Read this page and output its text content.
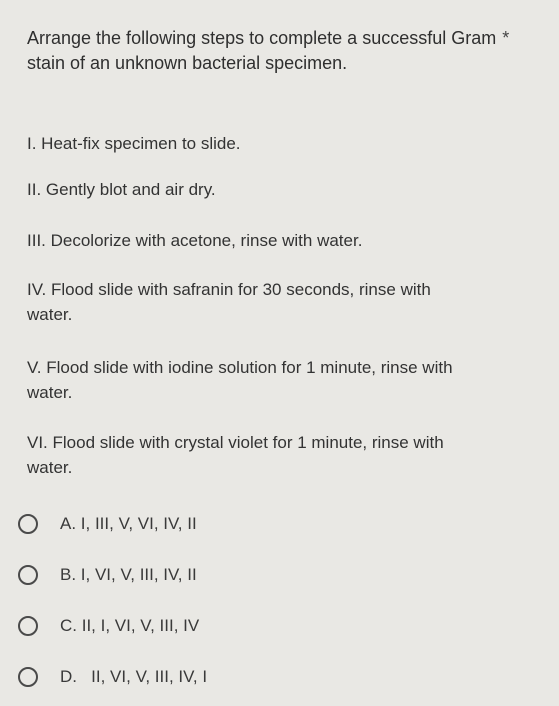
Arrange the following steps to complete a successful Gram *
stain of an unknown bacterial specimen.
I. Heat-fix specimen to slide.
II. Gently blot and air dry.
III. Decolorize with acetone, rinse with water.
IV. Flood slide with safranin for 30 seconds, rinse with
water.
V. Flood slide with iodine solution for 1 minute, rinse with
water.
VI. Flood slide with crystal violet for 1 minute, rinse with
water.
A. I, III, V, VI, IV, II
B. I, VI, V, III, IV, II
C. II, I, VI, V, III, IV
D.   II, VI, V, III, IV, I
